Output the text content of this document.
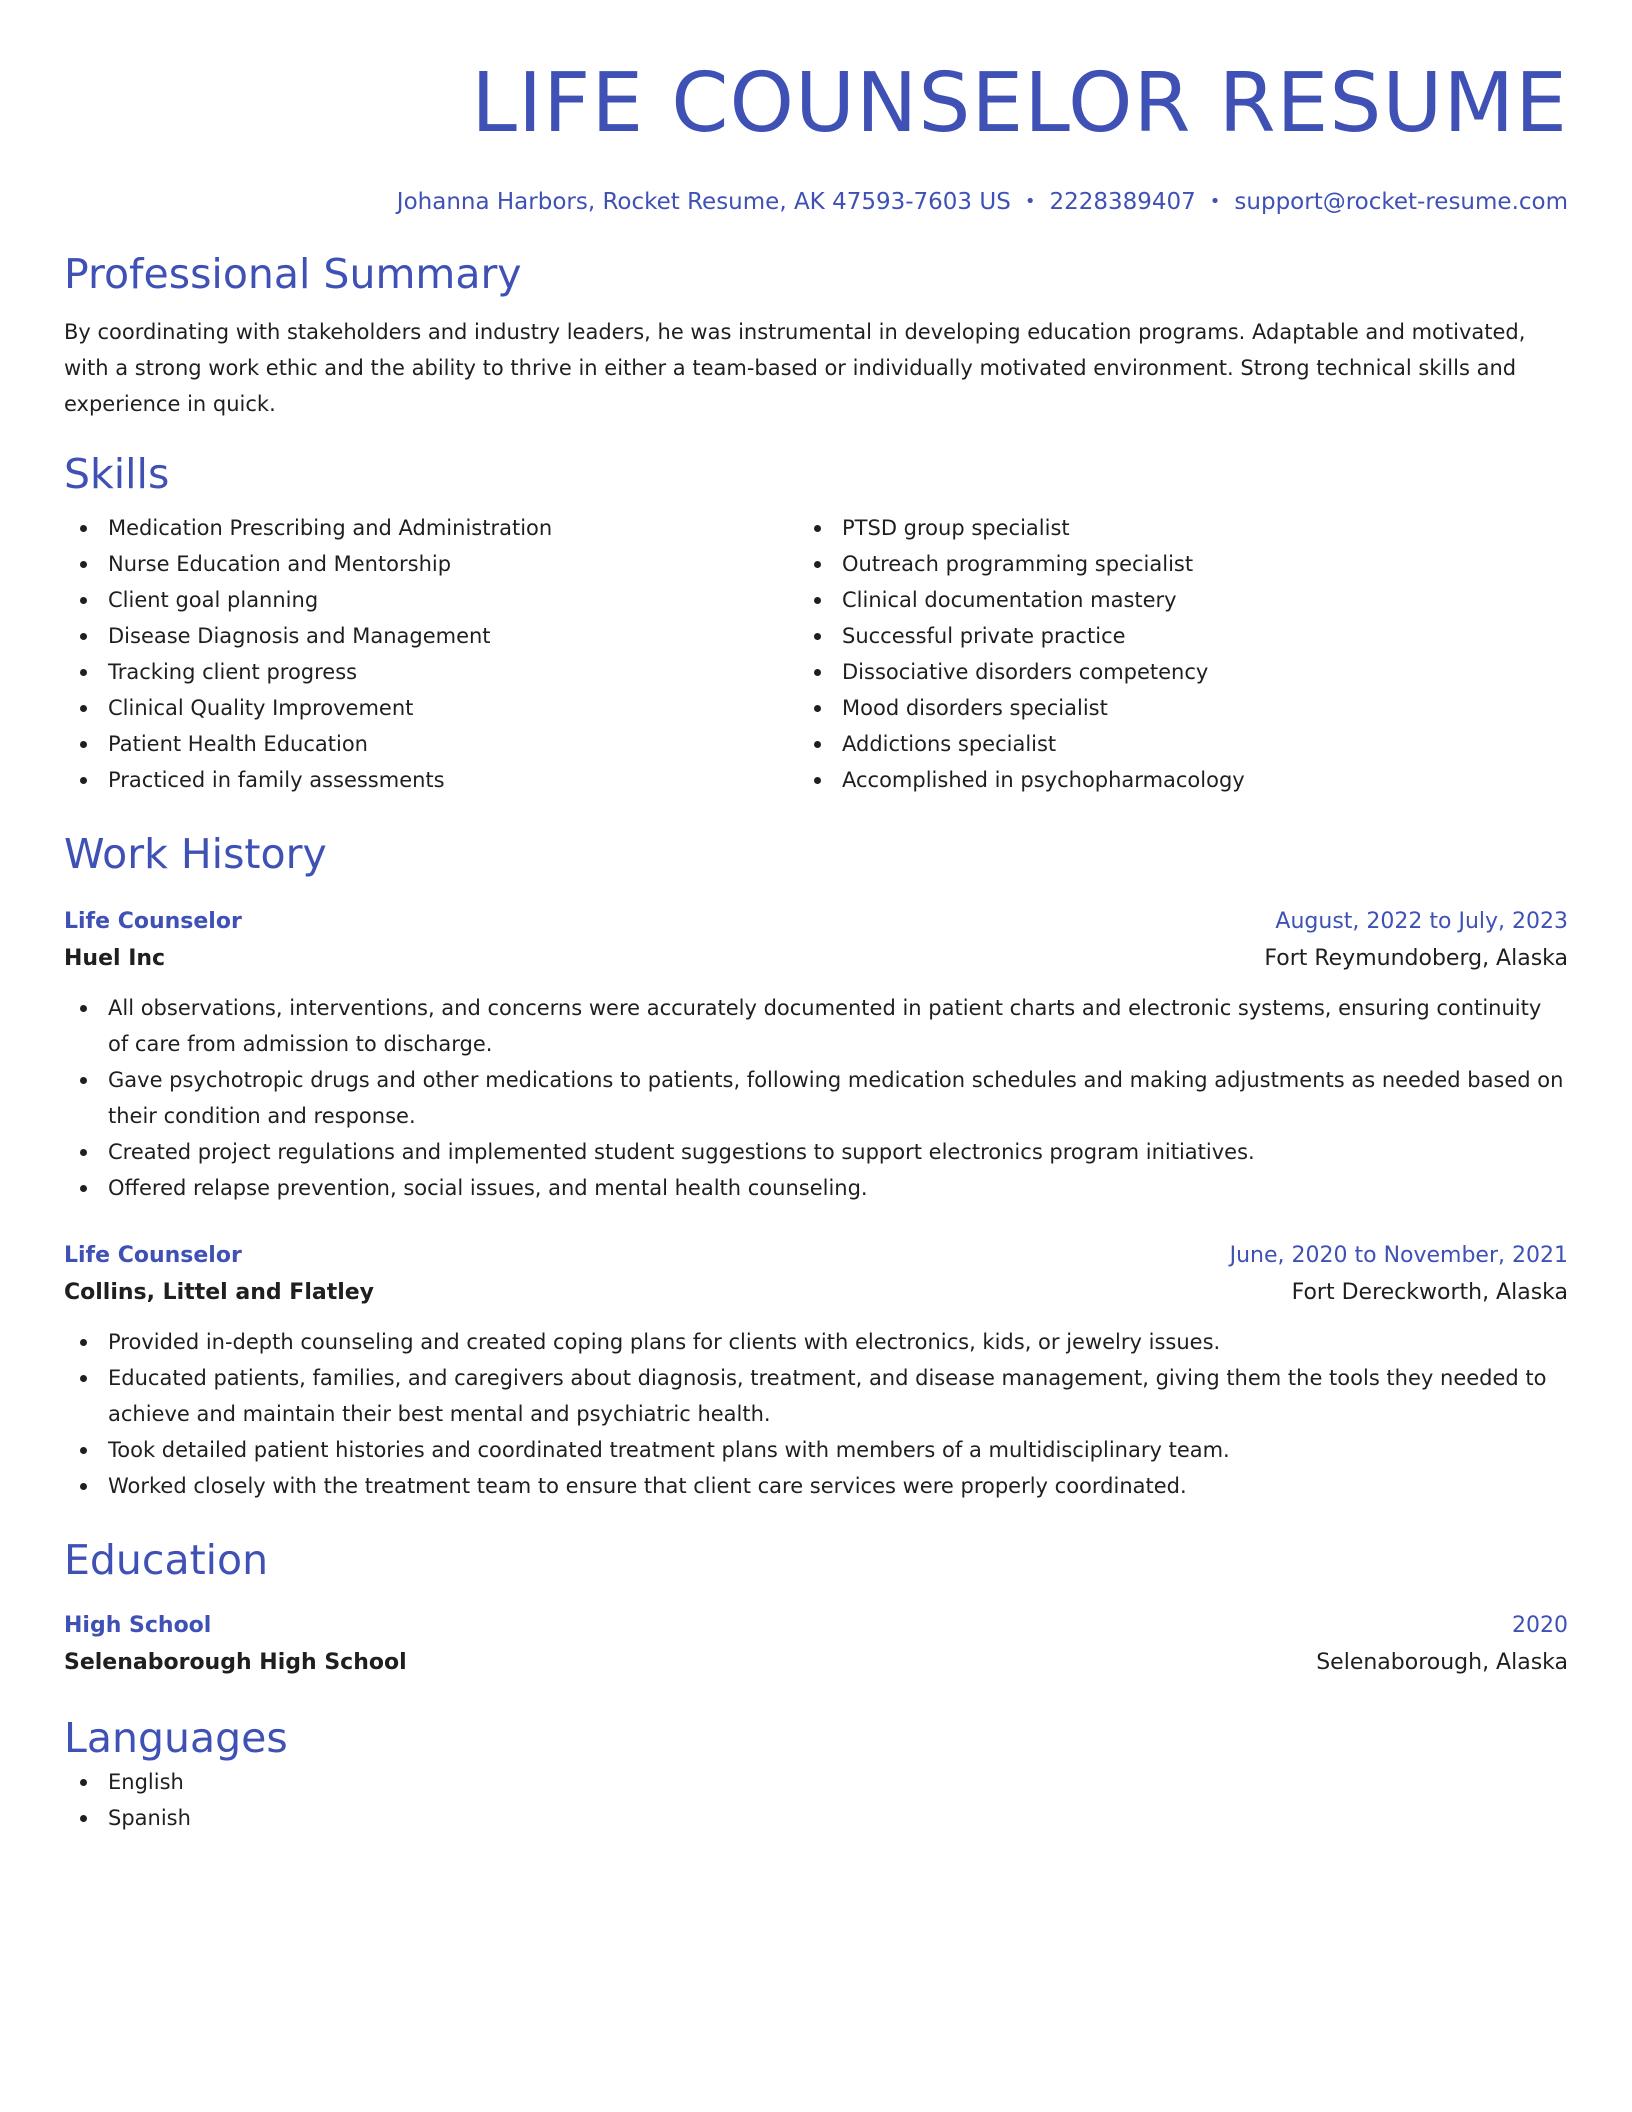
LIFE COUNSELOR RESUME
Johanna Harbors, Rocket Resume, AK 47593-7603 US • 2228389407 • support@rocket-resume.com
Professional Summary
By coordinating with stakeholders and industry leaders, he was instrumental in developing education programs. Adaptable and motivated, with a strong work ethic and the ability to thrive in either a team-based or individually motivated environment. Strong technical skills and experience in quick.
Skills
Medication Prescribing and Administration
Nurse Education and Mentorship
Client goal planning
Disease Diagnosis and Management
Tracking client progress
Clinical Quality Improvement
Patient Health Education
Practiced in family assessments
PTSD group specialist
Outreach programming specialist
Clinical documentation mastery
Successful private practice
Dissociative disorders competency
Mood disorders specialist
Addictions specialist
Accomplished in psychopharmacology
Work History
Life Counselor	August, 2022 to July, 2023
Huel Inc	Fort Reymundoberg, Alaska
All observations, interventions, and concerns were accurately documented in patient charts and electronic systems, ensuring continuity of care from admission to discharge.
Gave psychotropic drugs and other medications to patients, following medication schedules and making adjustments as needed based on their condition and response.
Created project regulations and implemented student suggestions to support electronics program initiatives.
Offered relapse prevention, social issues, and mental health counseling.
Life Counselor	June, 2020 to November, 2021
Collins, Littel and Flatley	Fort Dereckworth, Alaska
Provided in-depth counseling and created coping plans for clients with electronics, kids, or jewelry issues.
Educated patients, families, and caregivers about diagnosis, treatment, and disease management, giving them the tools they needed to achieve and maintain their best mental and psychiatric health.
Took detailed patient histories and coordinated treatment plans with members of a multidisciplinary team.
Worked closely with the treatment team to ensure that client care services were properly coordinated.
Education
High School	2020
Selenaborough High School	Selenaborough, Alaska
Languages
English
Spanish
